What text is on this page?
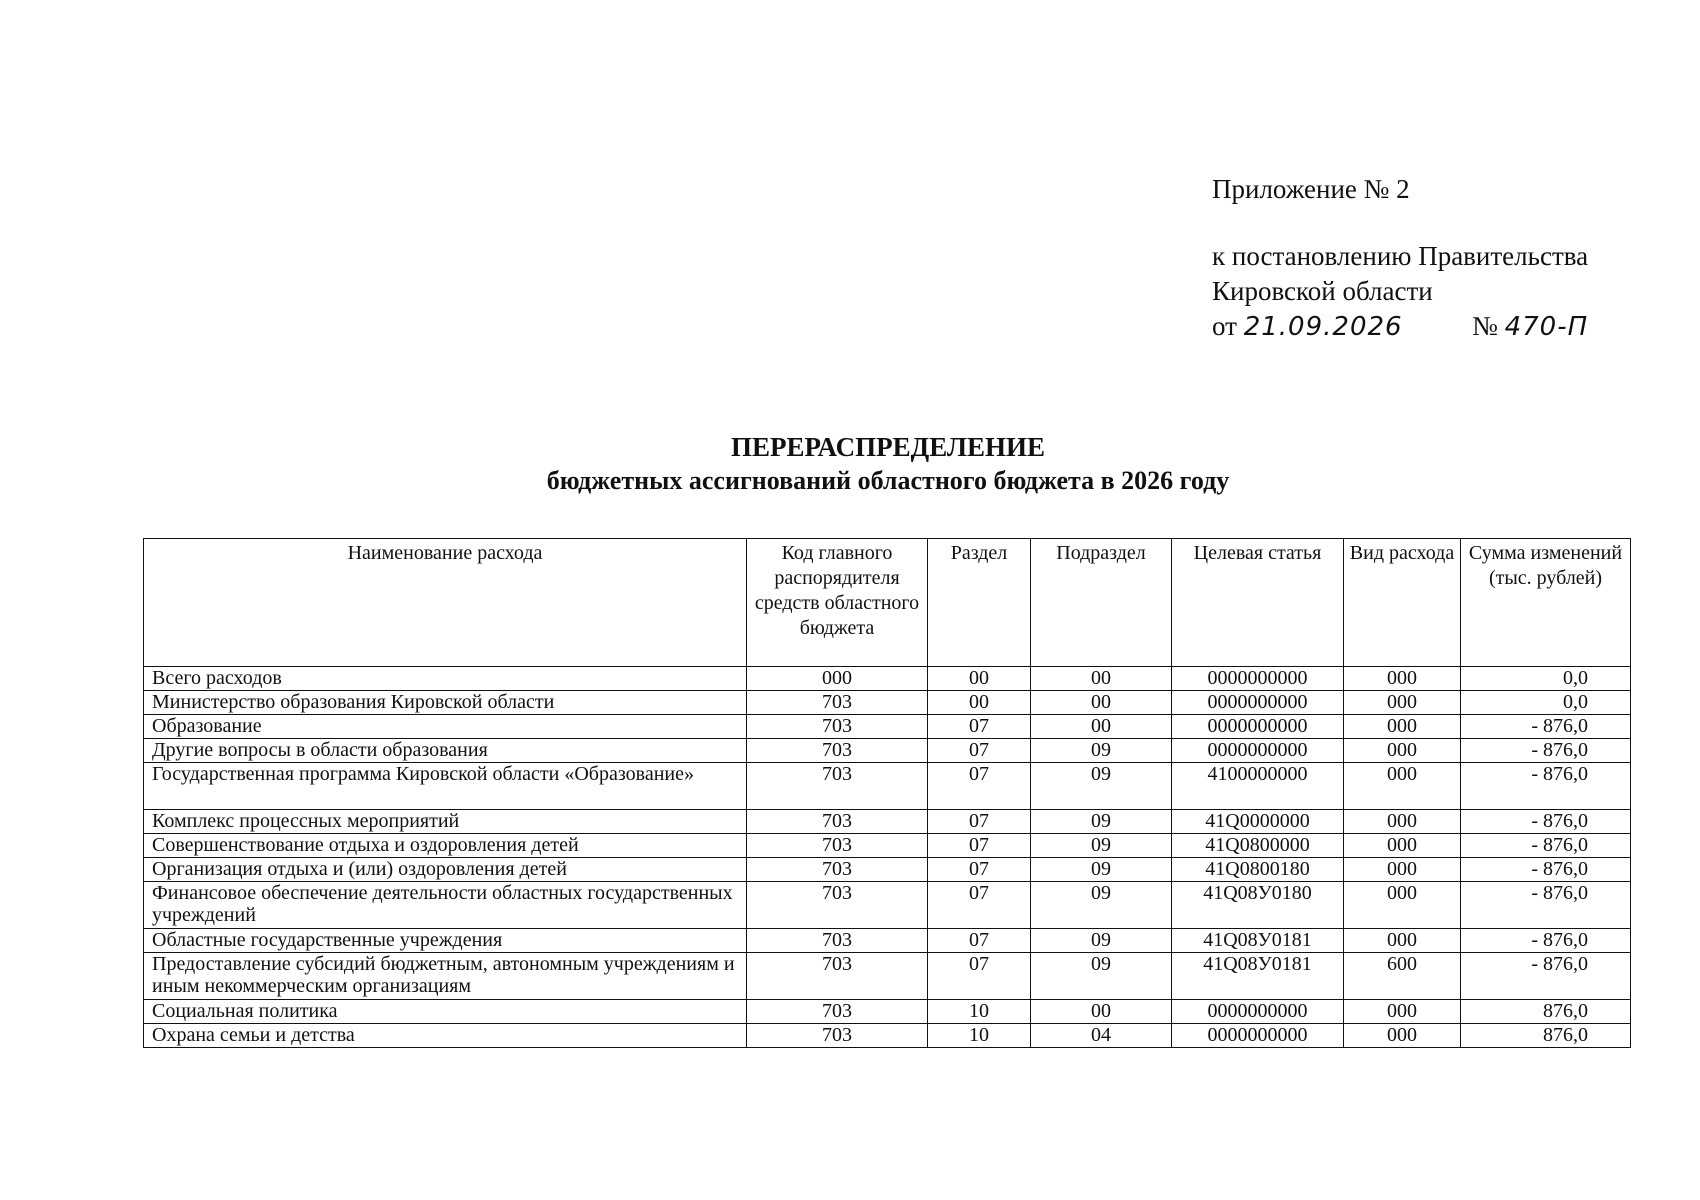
Приложение № 2
к постановлению Правительства
Кировской области
от 21.09.2026	№ 470-П
ПЕРЕРАСПРЕДЕЛЕНИЕ
бюджетных ассигнований областного бюджета в 2026 году
Наименование расхода	Код главного распорядителя средств областного бюджета	Раздел	Подраздел	Целевая статья	Вид расхода	Сумма изменений (тыс. рублей)
Всего расходов	000	00	00	0000000000	000	0,0
Министерство образования Кировской области	703	00	00	0000000000	000	0,0
Образование	703	07	00	0000000000	000	- 876,0
Другие вопросы в области образования	703	07	09	0000000000	000	- 876,0
Государственная программа Кировской области «Образование»	703	07	09	4100000000	000	- 876,0
Комплекс процессных мероприятий	703	07	09	41Q0000000	000	- 876,0
Совершенствование отдыха и оздоровления детей	703	07	09	41Q0800000	000	- 876,0
Организация отдыха и (или) оздоровления детей	703	07	09	41Q0800180	000	- 876,0
Финансовое обеспечение деятельности областных государственных учреждений	703	07	09	41Q08У0180	000	- 876,0
Областные государственные учреждения	703	07	09	41Q08У0181	000	- 876,0
Предоставление субсидий бюджетным, автономным учреждениям и иным некоммерческим организациям	703	07	09	41Q08У0181	600	- 876,0
Социальная политика	703	10	00	0000000000	000	876,0
Охрана семьи и детства	703	10	04	0000000000	000	876,0
